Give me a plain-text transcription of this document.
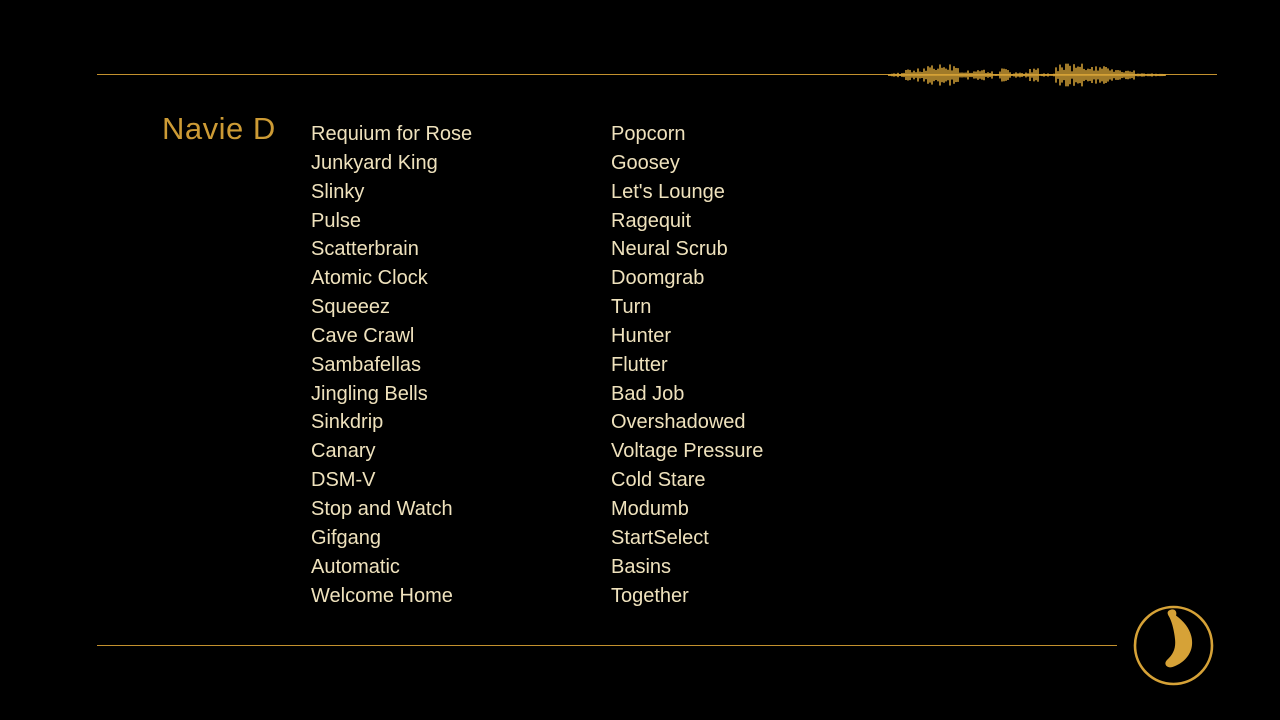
Navie D Requium for Rose
Junkyard King
Slinky
Pulse
Scatterbrain
Atomic Clock
Squeeez
Cave Crawl
Sambafellas
Jingling Bells
Sinkdrip
Canary
DSM-V
Stop and Watch
Gifgang
Automatic
Welcome Home
Popcorn
Goosey
Let's Lounge
Ragequit
Neural Scrub
Doomgrab
Turn
Hunter
Flutter
Bad Job
Overshadowed
Voltage Pressure
Cold Stare
Modumb
StartSelect
Basins
Together
